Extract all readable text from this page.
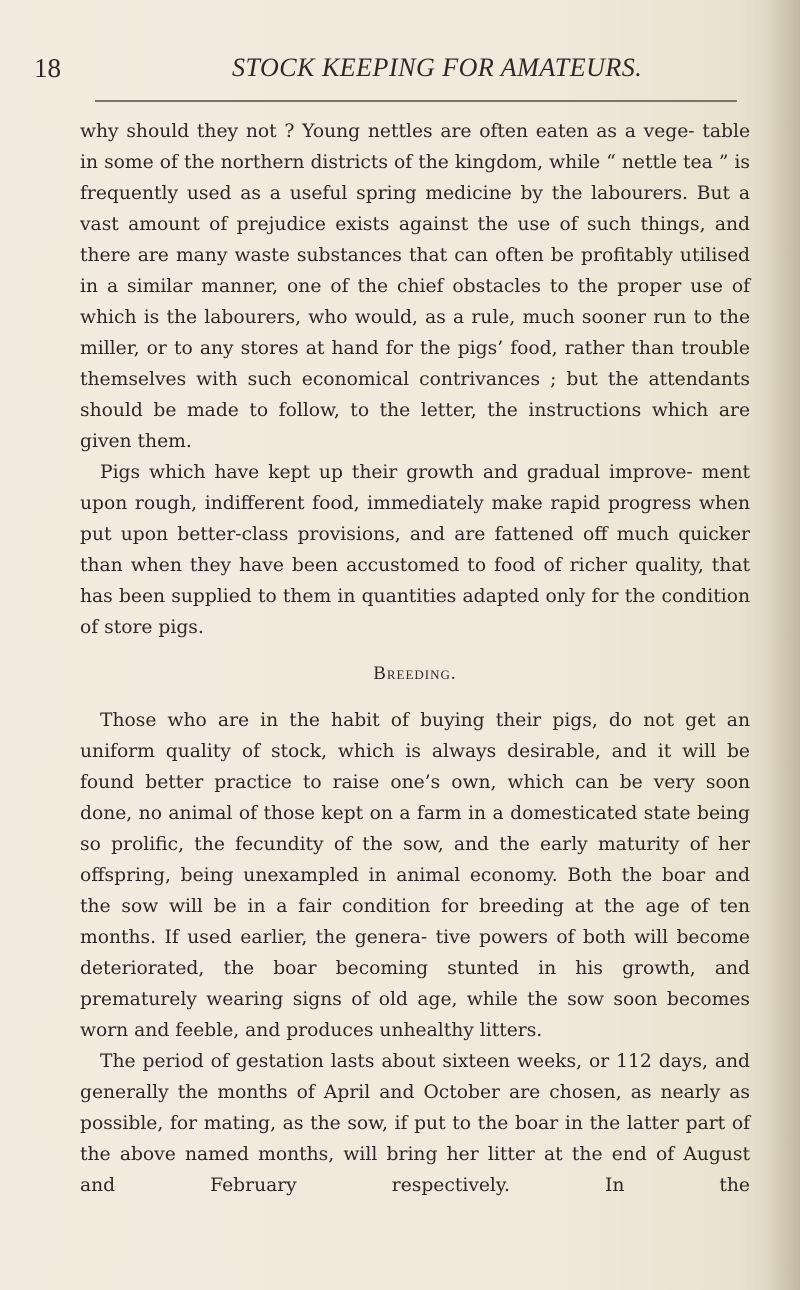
18	STOCK KEEPING FOR AMATEURS.

why should they not ? Young nettles are often eaten as a vege- table in some of the northern districts of the kingdom, while “ nettle tea ” is frequently used as a useful spring medicine by the labourers. But a vast amount of prejudice exists against the use of such things, and there are many waste substances that can often be profitably utilised in a similar manner, one of the chief obstacles to the proper use of which is the labourers, who would, as a rule, much sooner run to the miller, or to any stores at hand for the pigs’ food, rather than trouble themselves with such economical contrivances ; but the attendants should be made to follow, to the letter, the instructions which are given them.

Pigs which have kept up their growth and gradual improve- ment upon rough, indifferent food, immediately make rapid progress when put upon better-class provisions, and are fattened off much quicker than when they have been accustomed to food of richer quality, that has been supplied to them in quantities adapted only for the condition of store pigs.

Breeding.

Those who are in the habit of buying their pigs, do not get an uniform quality of stock, which is always desirable, and it will be found better practice to raise one’s own, which can be very soon done, no animal of those kept on a farm in a domesticated state being so prolific, the fecundity of the sow, and the early maturity of her offspring, being unexampled in animal economy. Both the boar and the sow will be in a fair condition for breeding at the age of ten months. If used earlier, the genera- tive powers of both will become deteriorated, the boar becoming stunted in his growth, and prematurely wearing signs of old age, while the sow soon becomes worn and feeble, and produces unhealthy litters.

The period of gestation lasts about sixteen weeks, or 112 days, and generally the months of April and October are chosen, as nearly as possible, for mating, as the sow, if put to the boar in the latter part of the above named months, will bring her litter at the end of August and February respectively. In the
